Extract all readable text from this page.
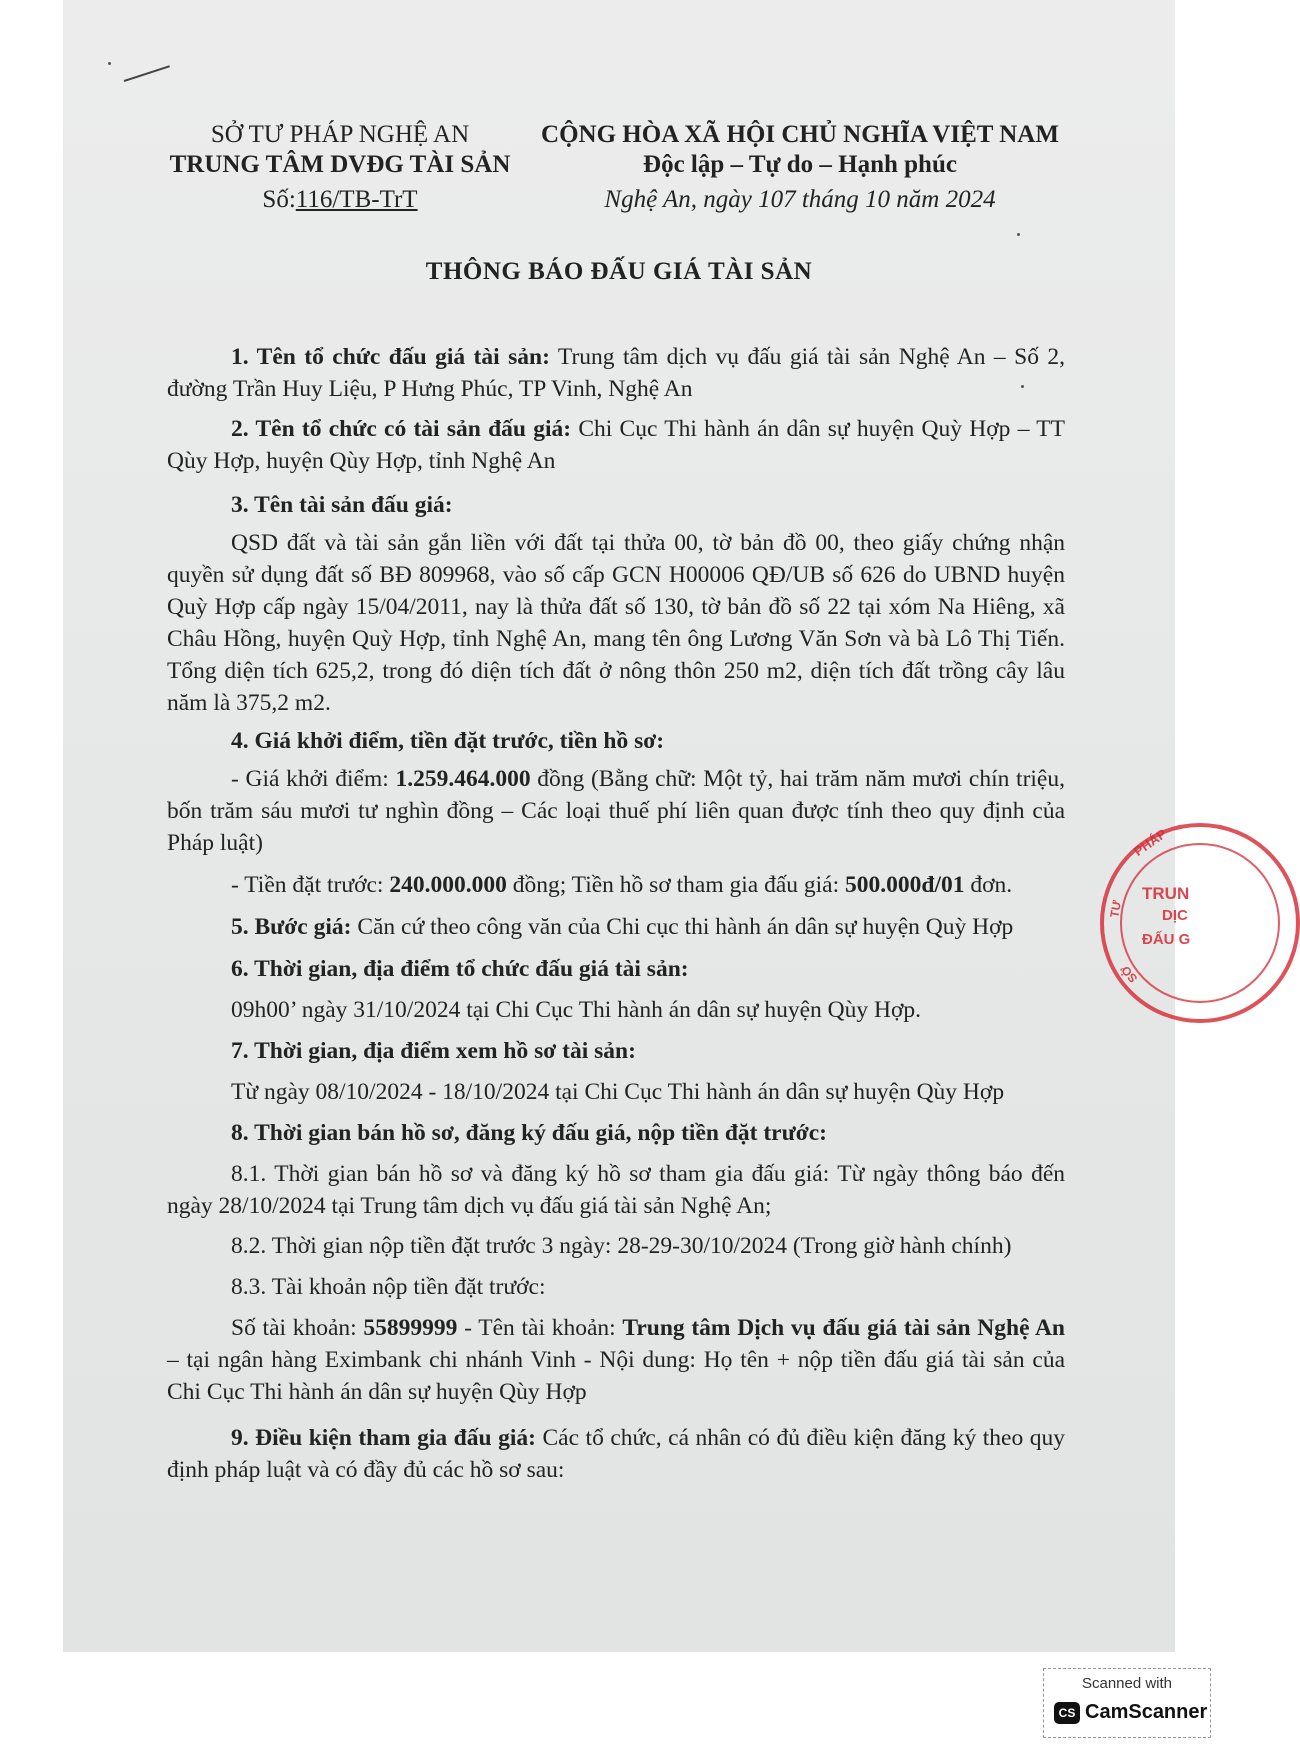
SỞ TƯ PHÁP NGHỆ AN
TRUNG TÂM DVĐG TÀI SẢN
Số:116/TB-TrT
CỘNG HÒA XÃ HỘI CHỦ NGHĨA VIỆT NAM
Độc lập – Tự do – Hạnh phúc
Nghệ An, ngày 107 tháng 10 năm 2024
THÔNG BÁO ĐẤU GIÁ TÀI SẢN

1. Tên tổ chức đấu giá tài sản: Trung tâm dịch vụ đấu giá tài sản Nghệ An – Số 2, đường Trần Huy Liệu, P Hưng Phúc, TP Vinh, Nghệ An

2. Tên tổ chức có tài sản đấu giá: Chi Cục Thi hành án dân sự huyện Quỳ Hợp – TT Qùy Hợp, huyện Qùy Hợp, tỉnh Nghệ An

3. Tên tài sản đấu giá:

QSD đất và tài sản gắn liền với đất tại thửa 00, tờ bản đồ 00, theo giấy chứng nhận quyền sử dụng đất số BĐ 809968, vào số cấp GCN H00006 QĐ/UB số 626 do UBND huyện Quỳ Hợp cấp ngày 15/04/2011, nay là thửa đất số 130, tờ bản đồ số 22 tại xóm Na Hiêng, xã Châu Hồng, huyện Quỳ Hợp, tỉnh Nghệ An, mang tên ông Lương Văn Sơn và bà Lô Thị Tiến. Tổng diện tích 625,2, trong đó diện tích đất ở nông thôn 250 m2, diện tích đất trồng cây lâu năm là 375,2 m2.

4. Giá khởi điểm, tiền đặt trước, tiền hồ sơ:

- Giá khởi điểm: 1.259.464.000 đồng (Bằng chữ: Một tỷ, hai trăm năm mươi chín triệu, bốn trăm sáu mươi tư nghìn đồng – Các loại thuế phí liên quan được tính theo quy định của Pháp luật)

- Tiền đặt trước: 240.000.000 đồng; Tiền hồ sơ tham gia đấu giá: 500.000đ/01 đơn.

5. Bước giá: Căn cứ theo công văn của Chi cục thi hành án dân sự huyện Quỳ Hợp

6. Thời gian, địa điểm tổ chức đấu giá tài sản:

09h00’ ngày 31/10/2024 tại Chi Cục Thi hành án dân sự huyện Qùy Hợp.

7. Thời gian, địa điểm xem hồ sơ tài sản:

Từ ngày 08/10/2024 - 18/10/2024 tại Chi Cục Thi hành án dân sự huyện Qùy Hợp

8. Thời gian bán hồ sơ, đăng ký đấu giá, nộp tiền đặt trước:

8.1. Thời gian bán hồ sơ và đăng ký hồ sơ tham gia đấu giá: Từ ngày thông báo đến ngày 28/10/2024 tại Trung tâm dịch vụ đấu giá tài sản Nghệ An;

8.2. Thời gian nộp tiền đặt trước 3 ngày: 28-29-30/10/2024 (Trong giờ hành chính)

8.3. Tài khoản nộp tiền đặt trước:

Số tài khoản: 55899999 - Tên tài khoản: Trung tâm Dịch vụ đấu giá tài sản Nghệ An – tại ngân hàng Eximbank chi nhánh Vinh - Nội dung: Họ tên + nộp tiền đấu giá tài sản của Chi Cục Thi hành án dân sự huyện Qùy Hợp

9. Điều kiện tham gia đấu giá: Các tổ chức, cá nhân có đủ điều kiện đăng ký theo quy định pháp luật và có đầy đủ các hồ sơ sau:

PHÁP
TRUN
DỊC
ĐẤU G
TƯ
SỞ
Scanned with
CS CamScanner
